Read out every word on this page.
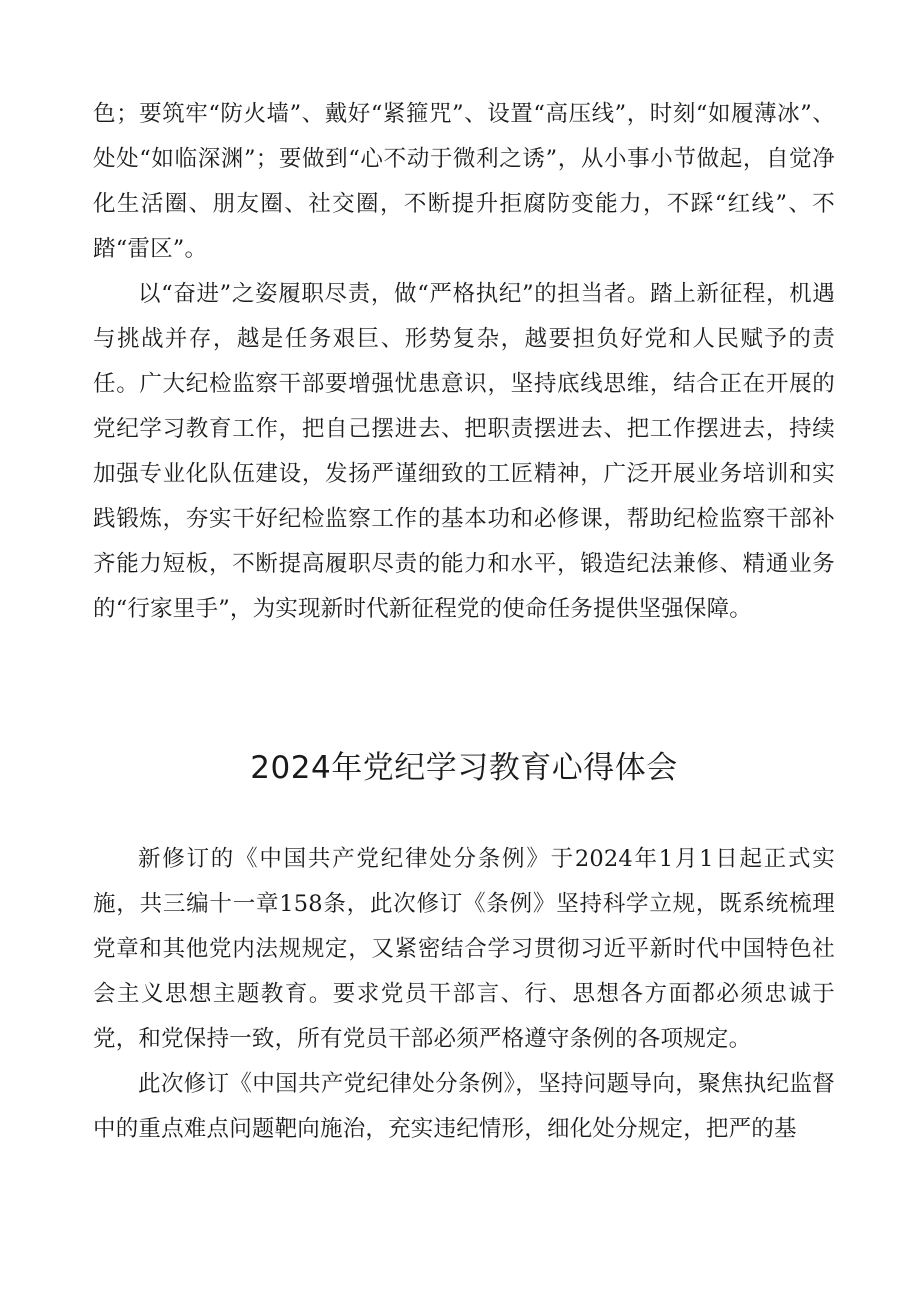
色；要筑牢“防火墙”、戴好“紧箍咒”、设置“高压线”，时刻“如履薄冰”、处处“如临深渊”；要做到“心不动于微利之诱”，从小事小节做起，自觉净化生活圈、朋友圈、社交圈，不断提升拒腐防变能力，不踩“红线”、不踏“雷区”。

以“奋进”之姿履职尽责，做“严格执纪”的担当者。踏上新征程，机遇与挑战并存，越是任务艰巨、形势复杂，越要担负好党和人民赋予的责任。广大纪检监察干部要增强忧患意识，坚持底线思维，结合正在开展的党纪学习教育工作，把自己摆进去、把职责摆进去、把工作摆进去，持续加强专业化队伍建设，发扬严谨细致的工匠精神，广泛开展业务培训和实践锻炼，夯实干好纪检监察工作的基本功和必修课，帮助纪检监察干部补齐能力短板，不断提高履职尽责的能力和水平，锻造纪法兼修、精通业务的“行家里手”，为实现新时代新征程党的使命任务提供坚强保障。

2024年党纪学习教育心得体会

新修订的《中国共产党纪律处分条例》于2024年1月1日起正式实施，共三编十一章158条，此次修订《条例》坚持科学立规，既系统梳理党章和其他党内法规规定，又紧密结合学习贯彻习近平新时代中国特色社会主义思想主题教育。要求党员干部言、行、思想各方面都必须忠诚于党，和党保持一致，所有党员干部必须严格遵守条例的各项规定。

此次修订《中国共产党纪律处分条例》，坚持问题导向，聚焦执纪监督中的重点难点问题靶向施治，充实违纪情形，细化处分规定，把严的基
